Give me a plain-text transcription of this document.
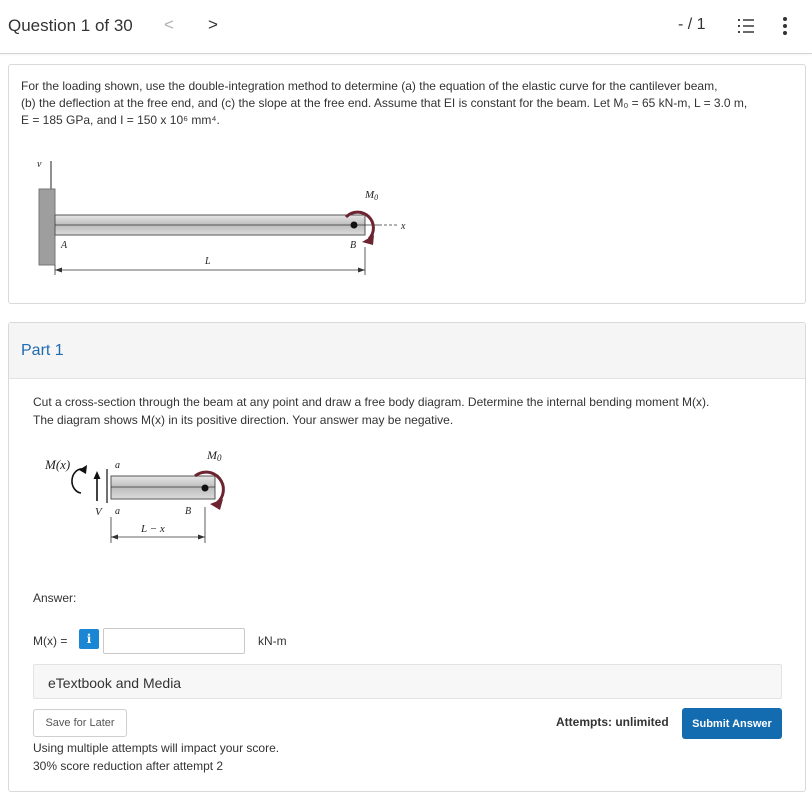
Question 1 of 30 < >	- / 1
For the loading shown, use the double-integration method to determine (a) the equation of the elastic curve for the cantilever beam,
(b) the deflection at the free end, and (c) the slope at the free end. Assume that EI is constant for the beam. Let M₀ = 65 kN-m, L = 3.0 m,
E = 185 GPa, and I = 150 x 10⁶ mm⁴.
v
x
M0
A	B
L
Part 1
Cut a cross-section through the beam at any point and draw a free body diagram. Determine the internal bending moment M(x).
The diagram shows M(x) in its positive direction. Your answer may be negative.
M(x)
V
a
a
M0
B
L − x
Answer:
M(x) =	i	kN-m
eTextbook and Media
Save for Later	Attempts: unlimited	Submit Answer
Using multiple attempts will impact your score.
30% score reduction after attempt 2
